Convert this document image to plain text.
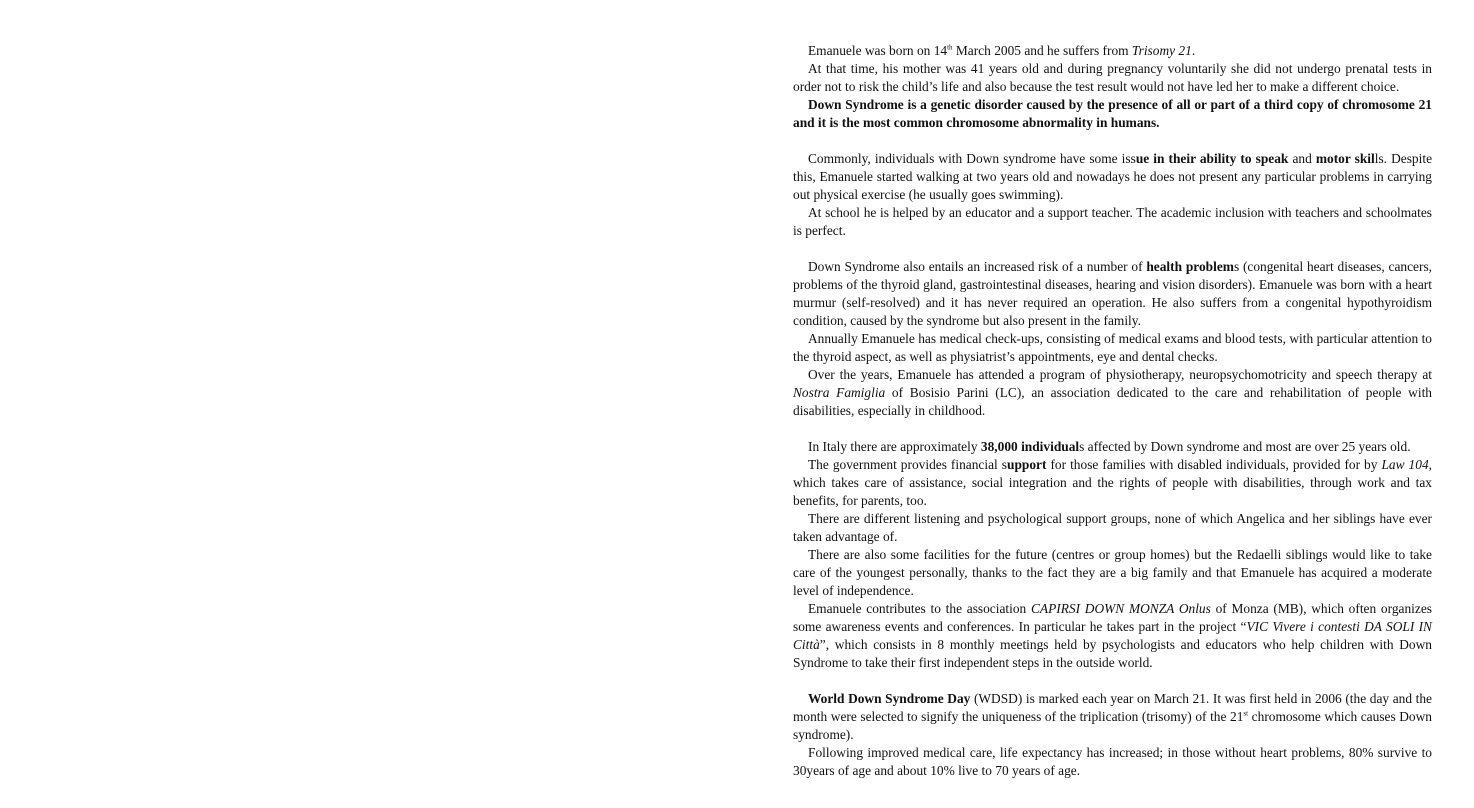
Emanuele was born on 14th March 2005 and he suffers from Trisomy 21.

At that time, his mother was 41 years old and during pregnancy voluntarily she did not undergo prenatal tests in order not to risk the child’s life and also because the test result would not have led her to make a different choice.

Down Syndrome is a genetic disorder caused by the presence of all or part of a third copy of chromosome 21 and it is the most common chromosome abnormality in humans.

Commonly, individuals with Down syndrome have some issue in their ability to speak and motor skills. Despite this, Emanuele started walking at two years old and nowadays he does not present any particular problems in carrying out physical exercise (he usually goes swimming).

At school he is helped by an educator and a support teacher. The academic inclusion with teachers and schoolmates is perfect.

Down Syndrome also entails an increased risk of a number of health problems (congenital heart diseases, cancers, problems of the thyroid gland, gastrointestinal diseases, hearing and vision disorders). Emanuele was born with a heart murmur (self-resolved) and it has never required an operation. He also suffers from a congenital hypothyroidism condition, caused by the syndrome but also present in the family.

Annually Emanuele has medical check-ups, consisting of medical exams and blood tests, with particular attention to the thyroid aspect, as well as physiatrist’s appointments, eye and dental checks.

Over the years, Emanuele has attended a program of physiotherapy, neuropsychomotricity and speech therapy at Nostra Famiglia of Bosisio Parini (LC), an association dedicated to the care and rehabilitation of people with disabilities, especially in childhood.

In Italy there are approximately 38,000 individuals affected by Down syndrome and most are over 25 years old.

The government provides financial support for those families with disabled individuals, provided for by Law 104, which takes care of assistance, social integration and the rights of people with disabilities, through work and tax benefits, for parents, too.

There are different listening and psychological support groups, none of which Angelica and her siblings have ever taken advantage of.

There are also some facilities for the future (centres or group homes) but the Redaelli siblings would like to take care of the youngest personally, thanks to the fact they are a big family and that Emanuele has acquired a moderate level of independence.

Emanuele contributes to the association CAPIRSI DOWN MONZA Onlus of Monza (MB), which often organizes some awareness events and conferences. In particular he takes part in the project “VIC Vivere i contesti DA SOLI IN Città”, which consists in 8 monthly meetings held by psychologists and educators who help children with Down Syndrome to take their first independent steps in the outside world.

World Down Syndrome Day (WDSD) is marked each year on March 21. It was first held in 2006 (the day and the month were selected to signify the uniqueness of the triplication (trisomy) of the 21st chromosome which causes Down syndrome).

Following improved medical care, life expectancy has increased; in those without heart problems, 80% survive to 30years of age and about 10% live to 70 years of age.
